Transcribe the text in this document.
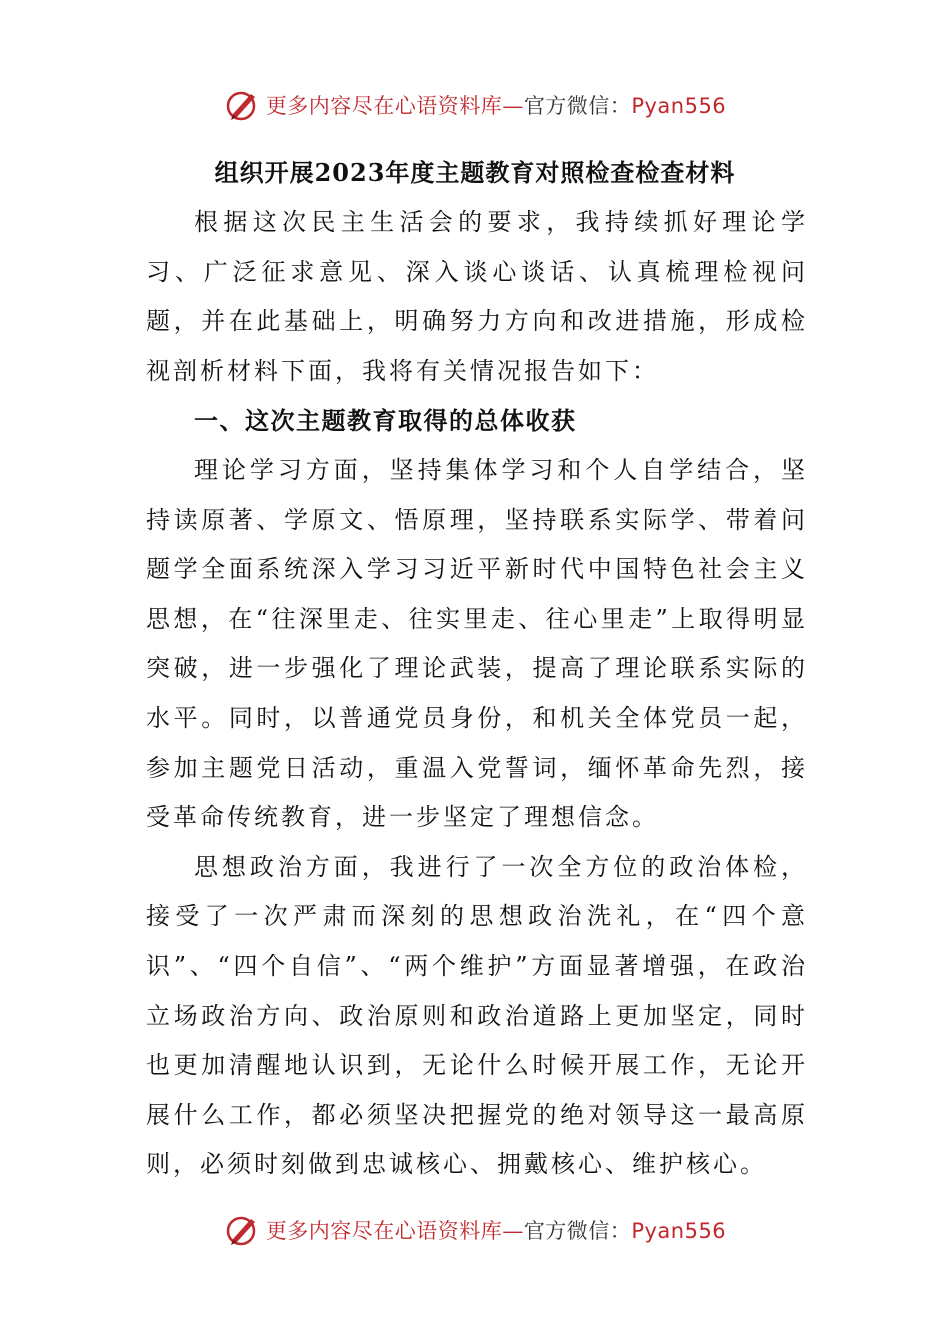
更多内容尽在心语资料库—官方微信：Pyan556
组织开展2023年度主题教育对照检查检查材料

根据这次民主生活会的要求，我持续抓好理论学习、广泛征求意见、深入谈心谈话、认真梳理检视问题，并在此基础上，明确努力方向和改进措施，形成检视剖析材料下面，我将有关情况报告如下：

一、这次主题教育取得的总体收获

理论学习方面，坚持集体学习和个人自学结合，坚持读原著、学原文、悟原理，坚持联系实际学、带着问题学全面系统深入学习习近平新时代中国特色社会主义思想，在“往深里走、往实里走、往心里走”上取得明显突破，进一步强化了理论武装，提高了理论联系实际的水平。同时，以普通党员身份，和机关全体党员一起，参加主题党日活动，重温入党誓词，缅怀革命先烈，接受革命传统教育，进一步坚定了理想信念。

思想政治方面，我进行了一次全方位的政治体检，接受了一次严肃而深刻的思想政治洗礼，在“四个意识”、“四个自信”、“两个维护”方面显著增强，在政治立场政治方向、政治原则和政治道路上更加坚定，同时也更加清醒地认识到，无论什么时候开展工作，无论开展什么工作，都必须坚决把握党的绝对领导这一最高原则，必须时刻做到忠诚核心、拥戴核心、维护核心。

更多内容尽在心语资料库—官方微信：Pyan556
